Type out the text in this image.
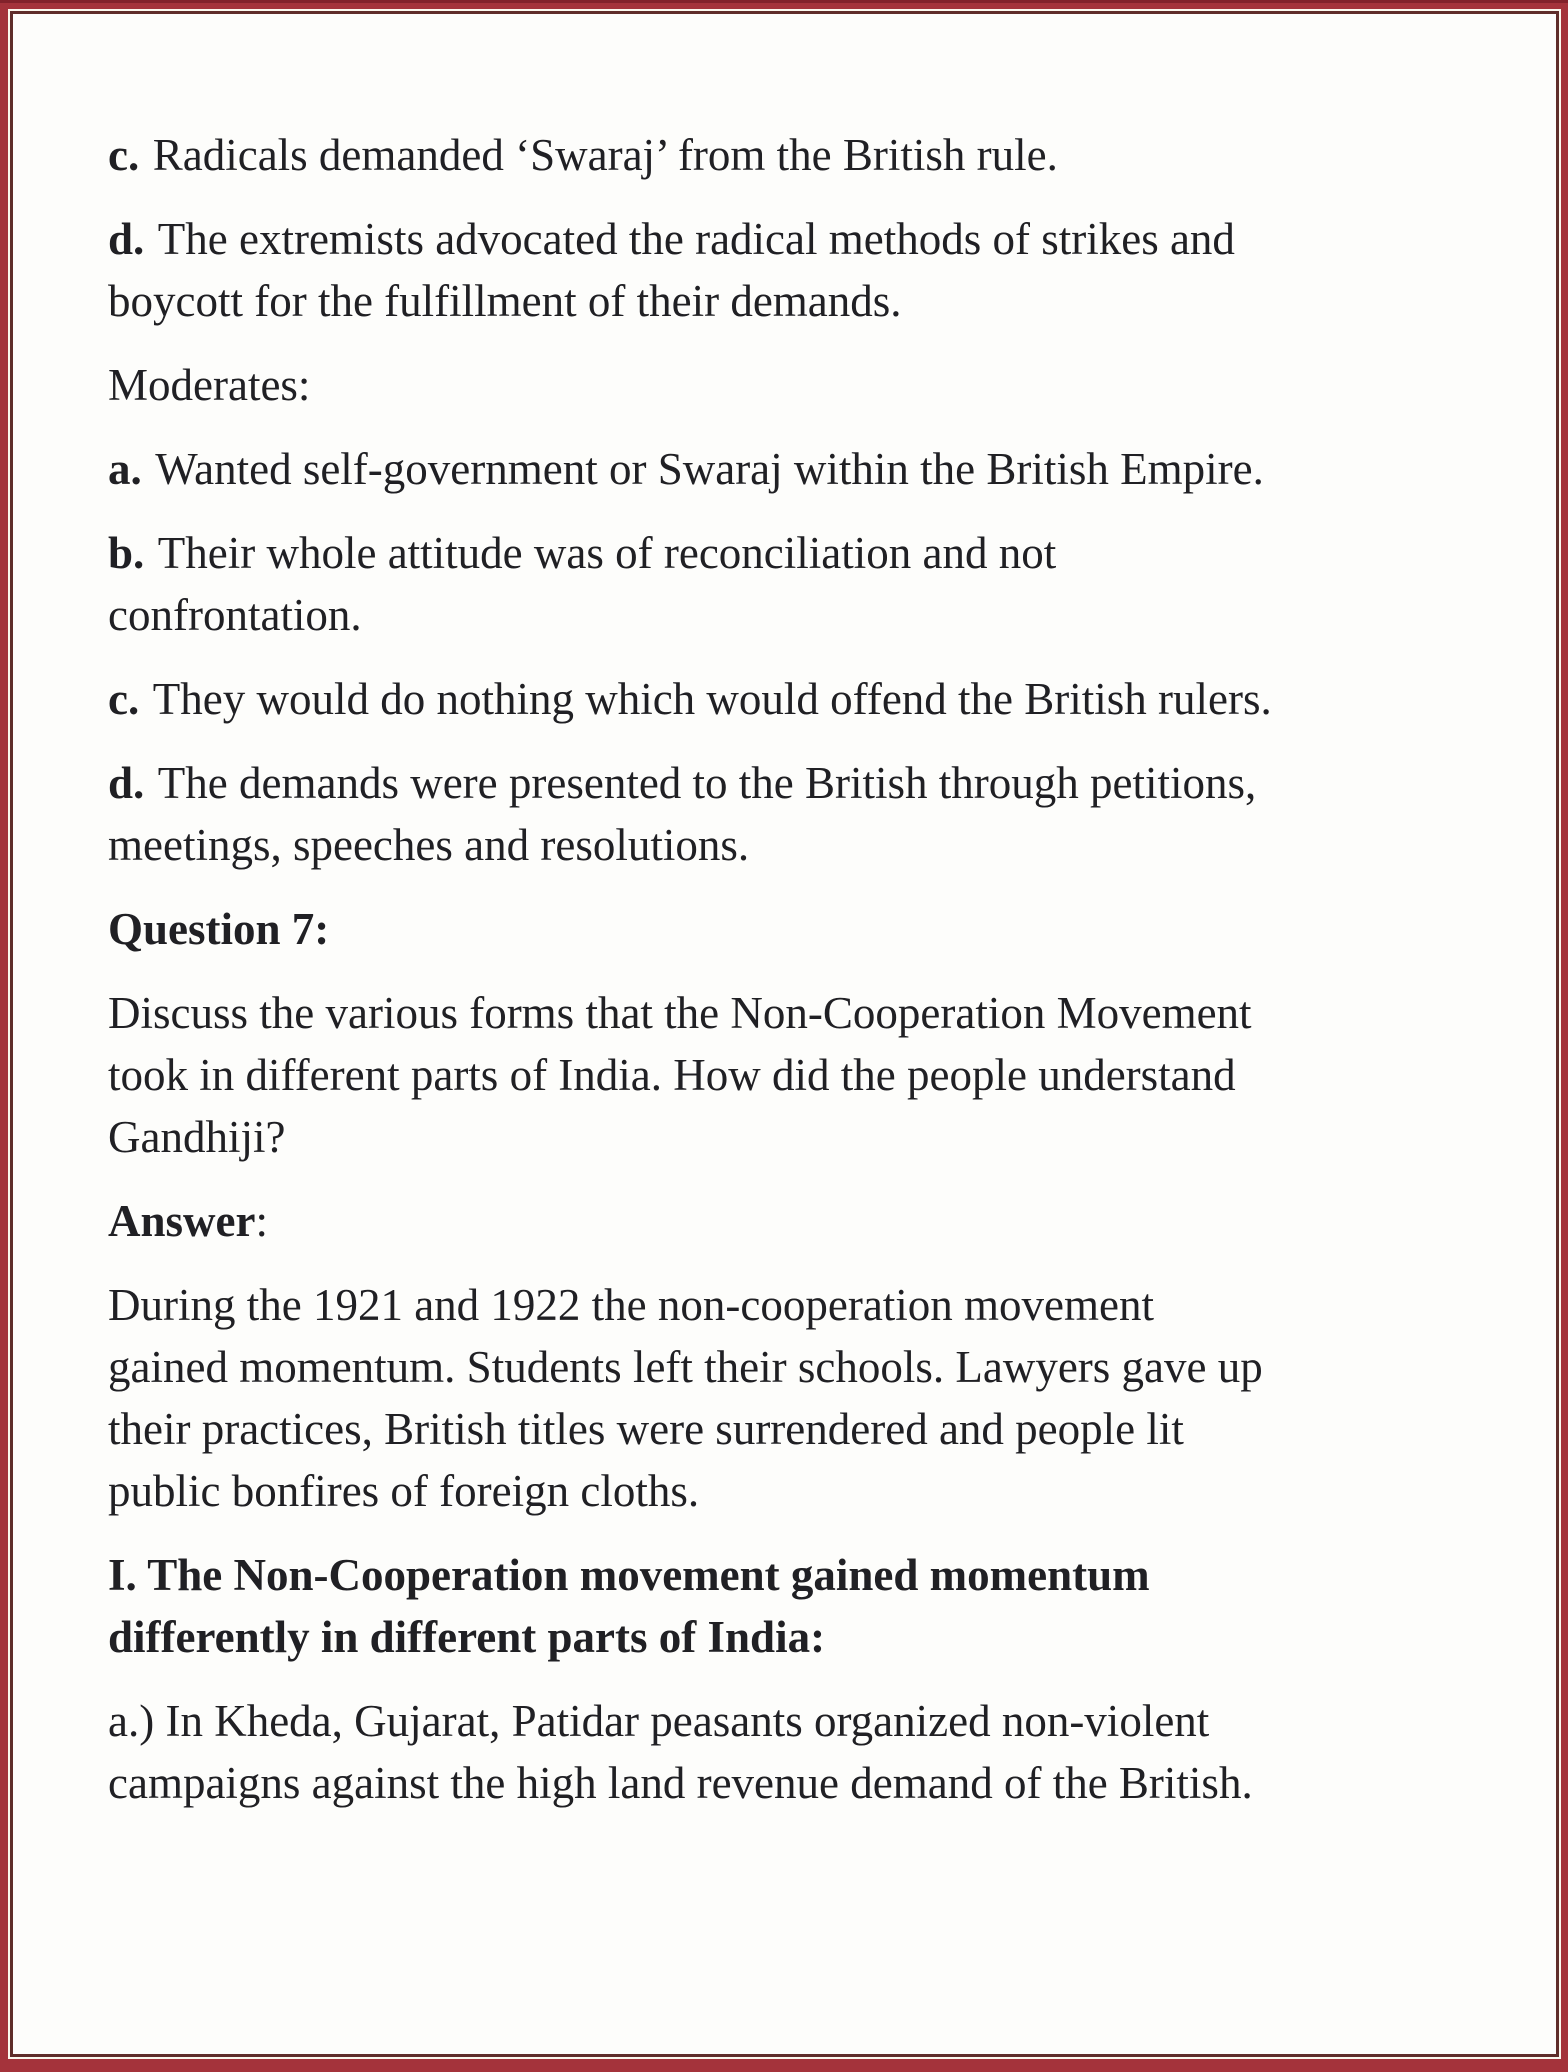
c. Radicals demanded ‘Swaraj’ from the British rule.
d. The extremists advocated the radical methods of strikes and
boycott for the fulfillment of their demands.
Moderates:
a. Wanted self-government or Swaraj within the British Empire.
b. Their whole attitude was of reconciliation and not
confrontation.
c. They would do nothing which would offend the British rulers.
d. The demands were presented to the British through petitions,
meetings, speeches and resolutions.
Question 7:
Discuss the various forms that the Non-Cooperation Movement
took in different parts of India. How did the people understand
Gandhiji?
Answer:
During the 1921 and 1922 the non-cooperation movement
gained momentum. Students left their schools. Lawyers gave up
their practices, British titles were surrendered and people lit
public bonfires of foreign cloths.
I. The Non-Cooperation movement gained momentum
differently in different parts of India:
a.) In Kheda, Gujarat, Patidar peasants organized non-violent
campaigns against the high land revenue demand of the British.
